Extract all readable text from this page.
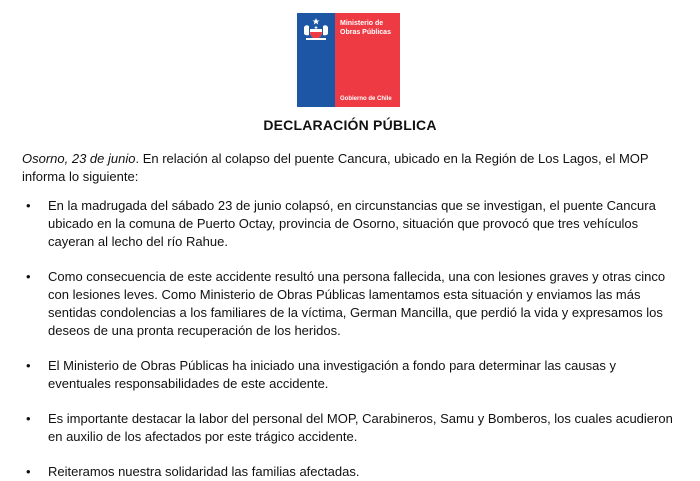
Ministerio de
Obras Públicas
Gobierno de Chile
DECLARACIÓN PÚBLICA
Osorno, 23 de junio. En relación al colapso del puente Cancura, ubicado en la Región de Los Lagos, el MOP informa lo siguiente:
• En la madrugada del sábado 23 de junio colapsó, en circunstancias que se investigan, el puente Cancura ubicado en la comuna de Puerto Octay, provincia de Osorno, situación que provocó que tres vehículos cayeran al lecho del río Rahue.
• Como consecuencia de este accidente resultó una persona fallecida, una con lesiones graves y otras cinco con lesiones leves. Como Ministerio de Obras Públicas lamentamos esta situación y enviamos las más sentidas condolencias a los familiares de la víctima, German Mancilla, que perdió la vida y expresamos los deseos de una pronta recuperación de los heridos.
• El Ministerio de Obras Públicas ha iniciado una investigación a fondo para determinar las causas y eventuales responsabilidades de este accidente.
• Es importante destacar la labor del personal del MOP, Carabineros, Samu y Bomberos, los cuales acudieron en auxilio de los afectados por este trágico accidente.
• Reiteramos nuestra solidaridad las familias afectadas.
